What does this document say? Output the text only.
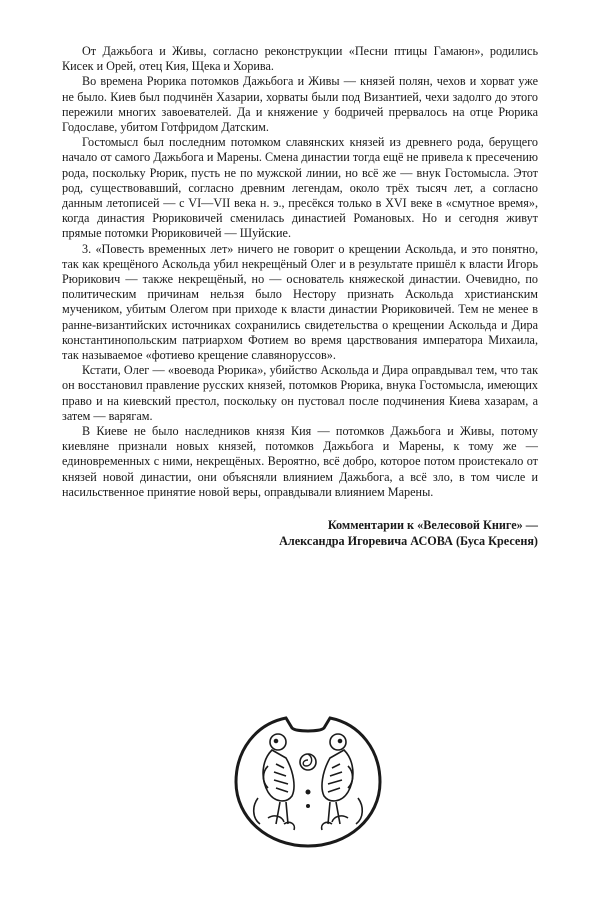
От Дажьбога и Живы, согласно реконструкции «Песни птицы Гамаюн», родились Кисек и Орей, отец Кия, Щека и Хорива.

Во времена Рюрика потомков Дажьбога и Живы — князей полян, чехов и хорват уже не было. Киев был подчинён Хазарии, хорваты были под Византией, чехи задолго до этого пережили многих завоевателей. Да и княжение у бодричей прервалось на отце Рюрика Годославе, убитом Готфридом Датским.

Гостомысл был последним потомком славянских князей из древнего рода, берущего начало от самого Дажьбога и Марены. Смена династии тогда ещё не привела к пресечению рода, поскольку Рюрик, пусть не по мужской линии, но всё же — внук Гостомысла. Этот род, существовавший, согласно древним легендам, около трёх тысяч лет, а согласно данным летописей — с VI—VII века н. э., пресёкся только в XVI веке в «смутное время», когда династия Рюриковичей сменилась династией Романовых. Но и сегодня живут прямые потомки Рюриковичей — Шуйские.

3. «Повесть временных лет» ничего не говорит о крещении Аскольда, и это понятно, так как крещёного Аскольда убил некрещёный Олег и в результате пришёл к власти Игорь Рюрикович — также некрещёный, но — основатель княжеской династии. Очевидно, по политическим причинам нельзя было Нестору признать Аскольда христианским мучеником, убитым Олегом при приходе к власти династии Рюриковичей. Тем не менее в ранне-византийских источниках сохранились свидетельства о крещении Аскольда и Дира константинопольским патриархом Фотием во время царствования императора Михаила, так называемое «фотиево крещение славяноруссов».

Кстати, Олег — «воевода Рюрика», убийство Аскольда и Дира оправдывал тем, что так он восстановил правление русских князей, потомков Рюрика, внука Гостомысла, имеющих право и на киевский престол, поскольку он пустовал после подчинения Киева хазарам, а затем — варягам.

В Киеве не было наследников князя Кия — потомков Дажьбога и Живы, потому киевляне признали новых князей, потомков Дажьбога и Марены, к тому же — единовременных с ними, некрещёных. Вероятно, всё добро, которое потом проистекало от князей новой династии, они объясняли влиянием Дажьбога, а всё зло, в том числе и насильственное принятие новой веры, оправдывали влиянием Марены.

Комментарии к «Велесовой Книге» —
Александра Игоревича АСОВА (Буса Кресеня)
